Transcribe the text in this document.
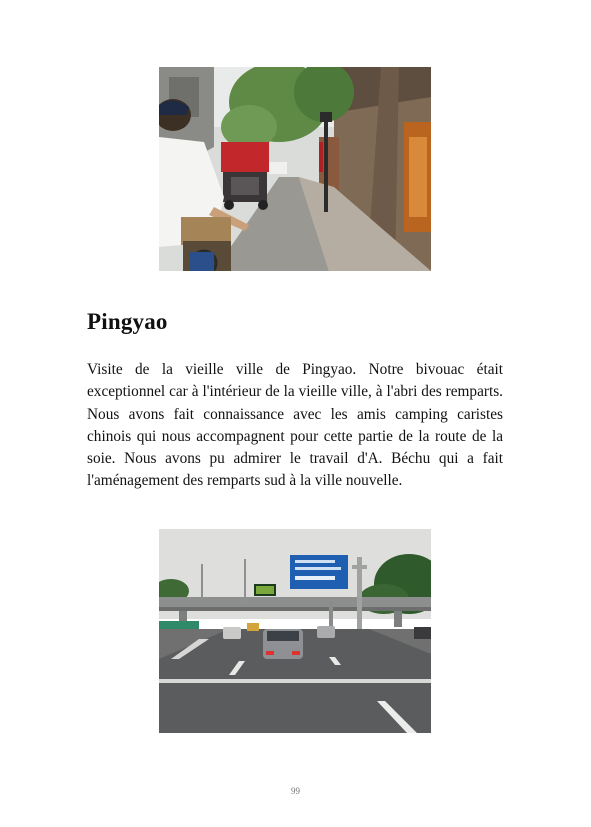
Pingyao

Visite de la vieille ville de Pingyao. Notre bivouac était exceptionnel car à l'intérieur de la vieille ville, à l'abri des remparts. Nous avons fait connaissance avec les amis camping caristes chinois qui nous accompagnent pour cette partie de la route de la soie. Nous avons pu admirer le travail d'A. Béchu qui a fait l'aménagement des remparts sud à la ville nouvelle.

99
